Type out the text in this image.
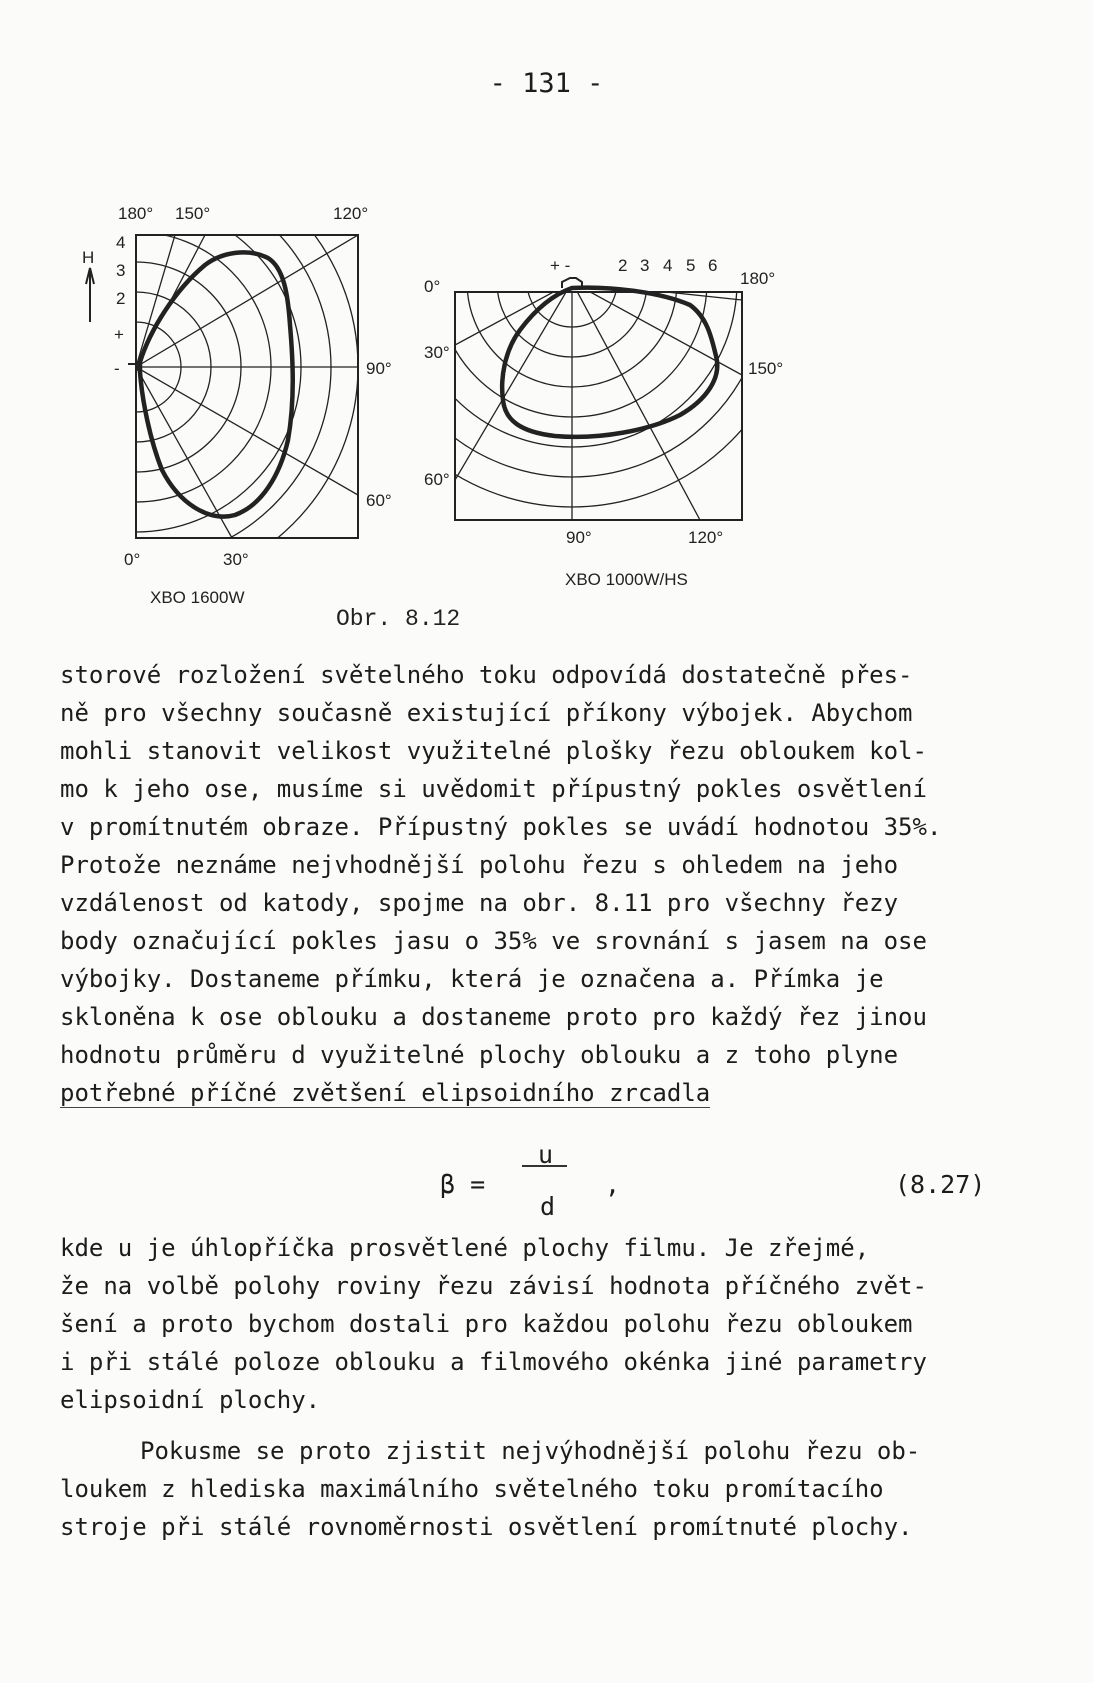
- 131 -
180° 150°	120°
4
3
2
H
+
-	90°
60°
0°	30°
XBO 1600W
+ -	2 3 4 5 6
0°
30°
60°
180°
150°
90°	120°
XBO 1000W/HS
Obr. 8.12
storové rozložení světelného toku odpovídá dostatečně přes-
ně pro všechny současně existující příkony výbojek. Abychom
mohli stanovit velikost využitelné plošky řezu obloukem kol-
mo k jeho ose, musíme si uvědomit přípustný pokles osvětlení
v promítnutém obraze. Přípustný pokles se uvádí hodnotou 35%.
Protože neznáme nejvhodnější polohu řezu s ohledem na jeho
vzdálenost od katody, spojme na obr. 8.11 pro všechny řezy
body označující pokles jasu o 35% ve srovnání s jasem na ose
výbojky. Dostaneme přímku, která je označena a. Přímka je
skloněna k ose oblouku a dostaneme proto pro každý řez jinou
hodnotu průměru d využitelné plochy oblouku a z toho plyne
potřebné příčné zvětšení elipsoidního zrcadla
β =
u
d
,	(8.27)
kde u je úhlopříčka prosvětlené plochy filmu. Je zřejmé,
že na volbě polohy roviny řezu závisí hodnota příčného zvět-
šení a proto bychom dostali pro každou polohu řezu obloukem
i při stálé poloze oblouku a filmového okénka jiné parametry
elipsoidní plochy.
Pokusme se proto zjistit nejvýhodnější polohu řezu ob-
loukem z hlediska maximálního světelného toku promítacího
stroje při stálé rovnoměrnosti osvětlení promítnuté plochy.
